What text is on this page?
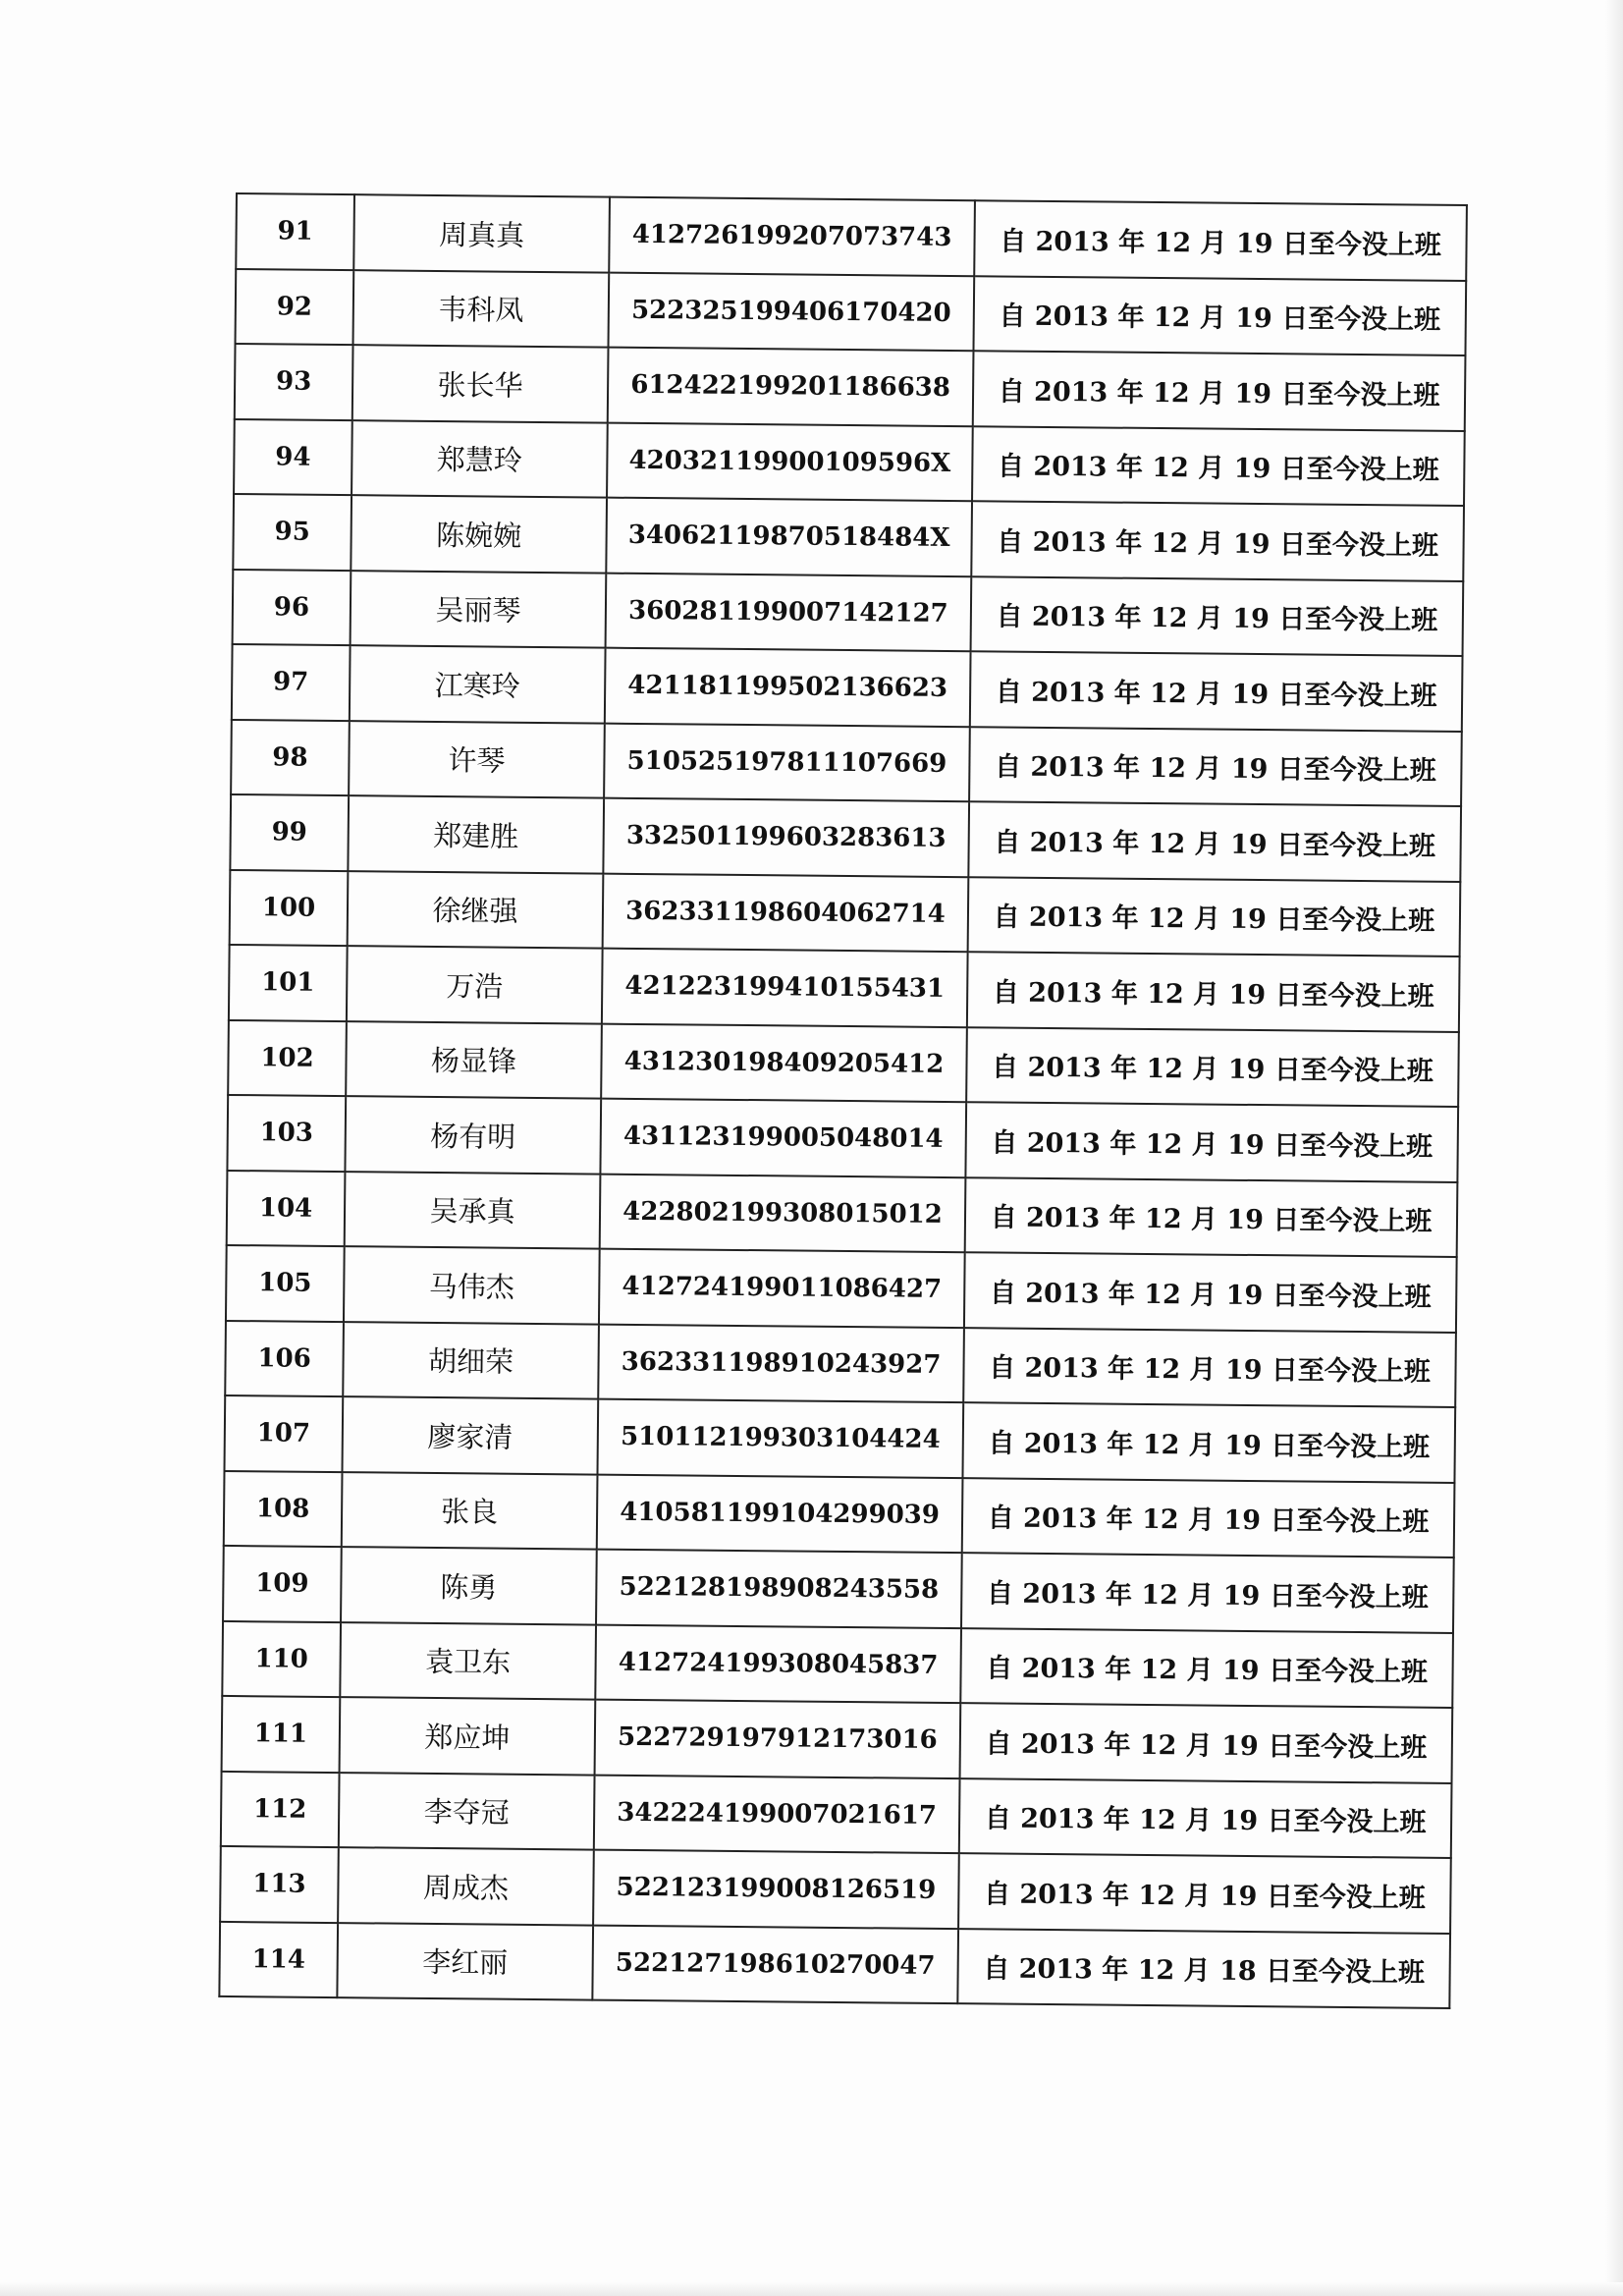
91	周真真	412726199207073743	自 2013 年 12 月 19 日至今没上班
92	韦科凤	522325199406170420	自 2013 年 12 月 19 日至今没上班
93	张长华	612422199201186638	自 2013 年 12 月 19 日至今没上班
94	郑慧玲	42032119900109596X	自 2013 年 12 月 19 日至今没上班
95	陈婉婉	34062119870518484X	自 2013 年 12 月 19 日至今没上班
96	吴丽琴	360281199007142127	自 2013 年 12 月 19 日至今没上班
97	江寒玲	421181199502136623	自 2013 年 12 月 19 日至今没上班
98	许琴	510525197811107669	自 2013 年 12 月 19 日至今没上班
99	郑建胜	332501199603283613	自 2013 年 12 月 19 日至今没上班
100	徐继强	362331198604062714	自 2013 年 12 月 19 日至今没上班
101	万浩	421223199410155431	自 2013 年 12 月 19 日至今没上班
102	杨显锋	431230198409205412	自 2013 年 12 月 19 日至今没上班
103	杨有明	431123199005048014	自 2013 年 12 月 19 日至今没上班
104	吴承真	422802199308015012	自 2013 年 12 月 19 日至今没上班
105	马伟杰	412724199011086427	自 2013 年 12 月 19 日至今没上班
106	胡细荣	362331198910243927	自 2013 年 12 月 19 日至今没上班
107	廖家清	510112199303104424	自 2013 年 12 月 19 日至今没上班
108	张良	410581199104299039	自 2013 年 12 月 19 日至今没上班
109	陈勇	522128198908243558	自 2013 年 12 月 19 日至今没上班
110	袁卫东	412724199308045837	自 2013 年 12 月 19 日至今没上班
111	郑应坤	522729197912173016	自 2013 年 12 月 19 日至今没上班
112	李夺冠	342224199007021617	自 2013 年 12 月 19 日至今没上班
113	周成杰	522123199008126519	自 2013 年 12 月 19 日至今没上班
114	李红丽	522127198610270047	自 2013 年 12 月 18 日至今没上班
